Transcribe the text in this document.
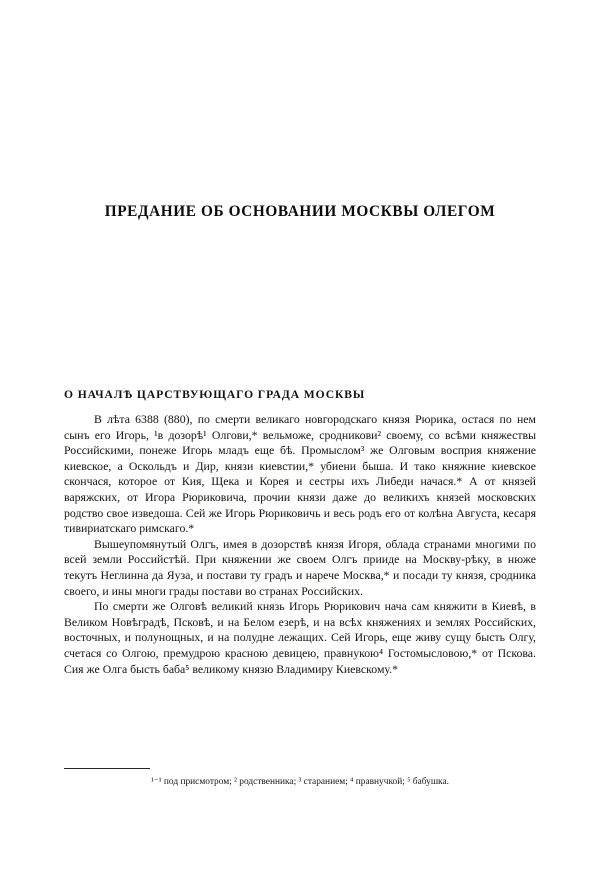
ПРЕДАНИЕ ОБ ОСНОВАНИИ МОСКВЫ ОЛЕГОМ
О НАЧАЛѢ ЦАРСТВУЮЩАГО ГРАДА МОСКВЫ

В лѣта 6388 (880), по смерти великаго новгородскаго князя Рюрика, остася по нем сынъ его Игорь, ¹в дозорѣ¹ Олгови,* вельможе, сродникови² своему, со всѣми княжествы Российскими, понеже Игорь младъ еще бѣ. Промыслом³ же Олговым восприя княжение киевское, а Оскольдъ и Дир, князи киевстии,* убиени быша. И тако княжние киевское скончася, которое от Кия, Щека и Корея и сестры ихъ Либеди начася.* А от князей варяжских, от Игора Рюриковича, прочии князи даже до великихъ князей московских родство свое изведоша. Сей же Игорь Рюриковичь и весь родъ его от колѣна Августа, кесаря тивириатскаго римскаго.*

Вышеупомянутый Олгъ, имея в дозорствѣ князя Игоря, облада странами многими по всей земли Российстѣй. При княжении же своем Олгъ прииде на Москву-рѣку, в нюже текутъ Неглинна да Яуза, и постави ту градъ и нарече Москва,* и посади ту князя, сродника своего, и ины многи грады постави во странах Российских.

По смерти же Олговѣ великий князь Игорь Рюрикович нача сам княжити в Киевѣ, в Великом Новѣградѣ, Псковѣ, и на Белом езерѣ, и на всѣх княжениях и землях Российских, восточных, и полунощных, и на полудне лежащих. Сей Игорь, еще живу сущу бысть Олгу, счетася со Олгою, премудрою красною девицею, правнукою⁴ Гостомысловою,* от Пскова. Сия же Олга бысть баба⁵ великому князю Владимиру Киевскому.*

¹⁻¹ под присмотром; ² родственника; ³ старанием; ⁴ правнучкой; ⁵ бабушка.
